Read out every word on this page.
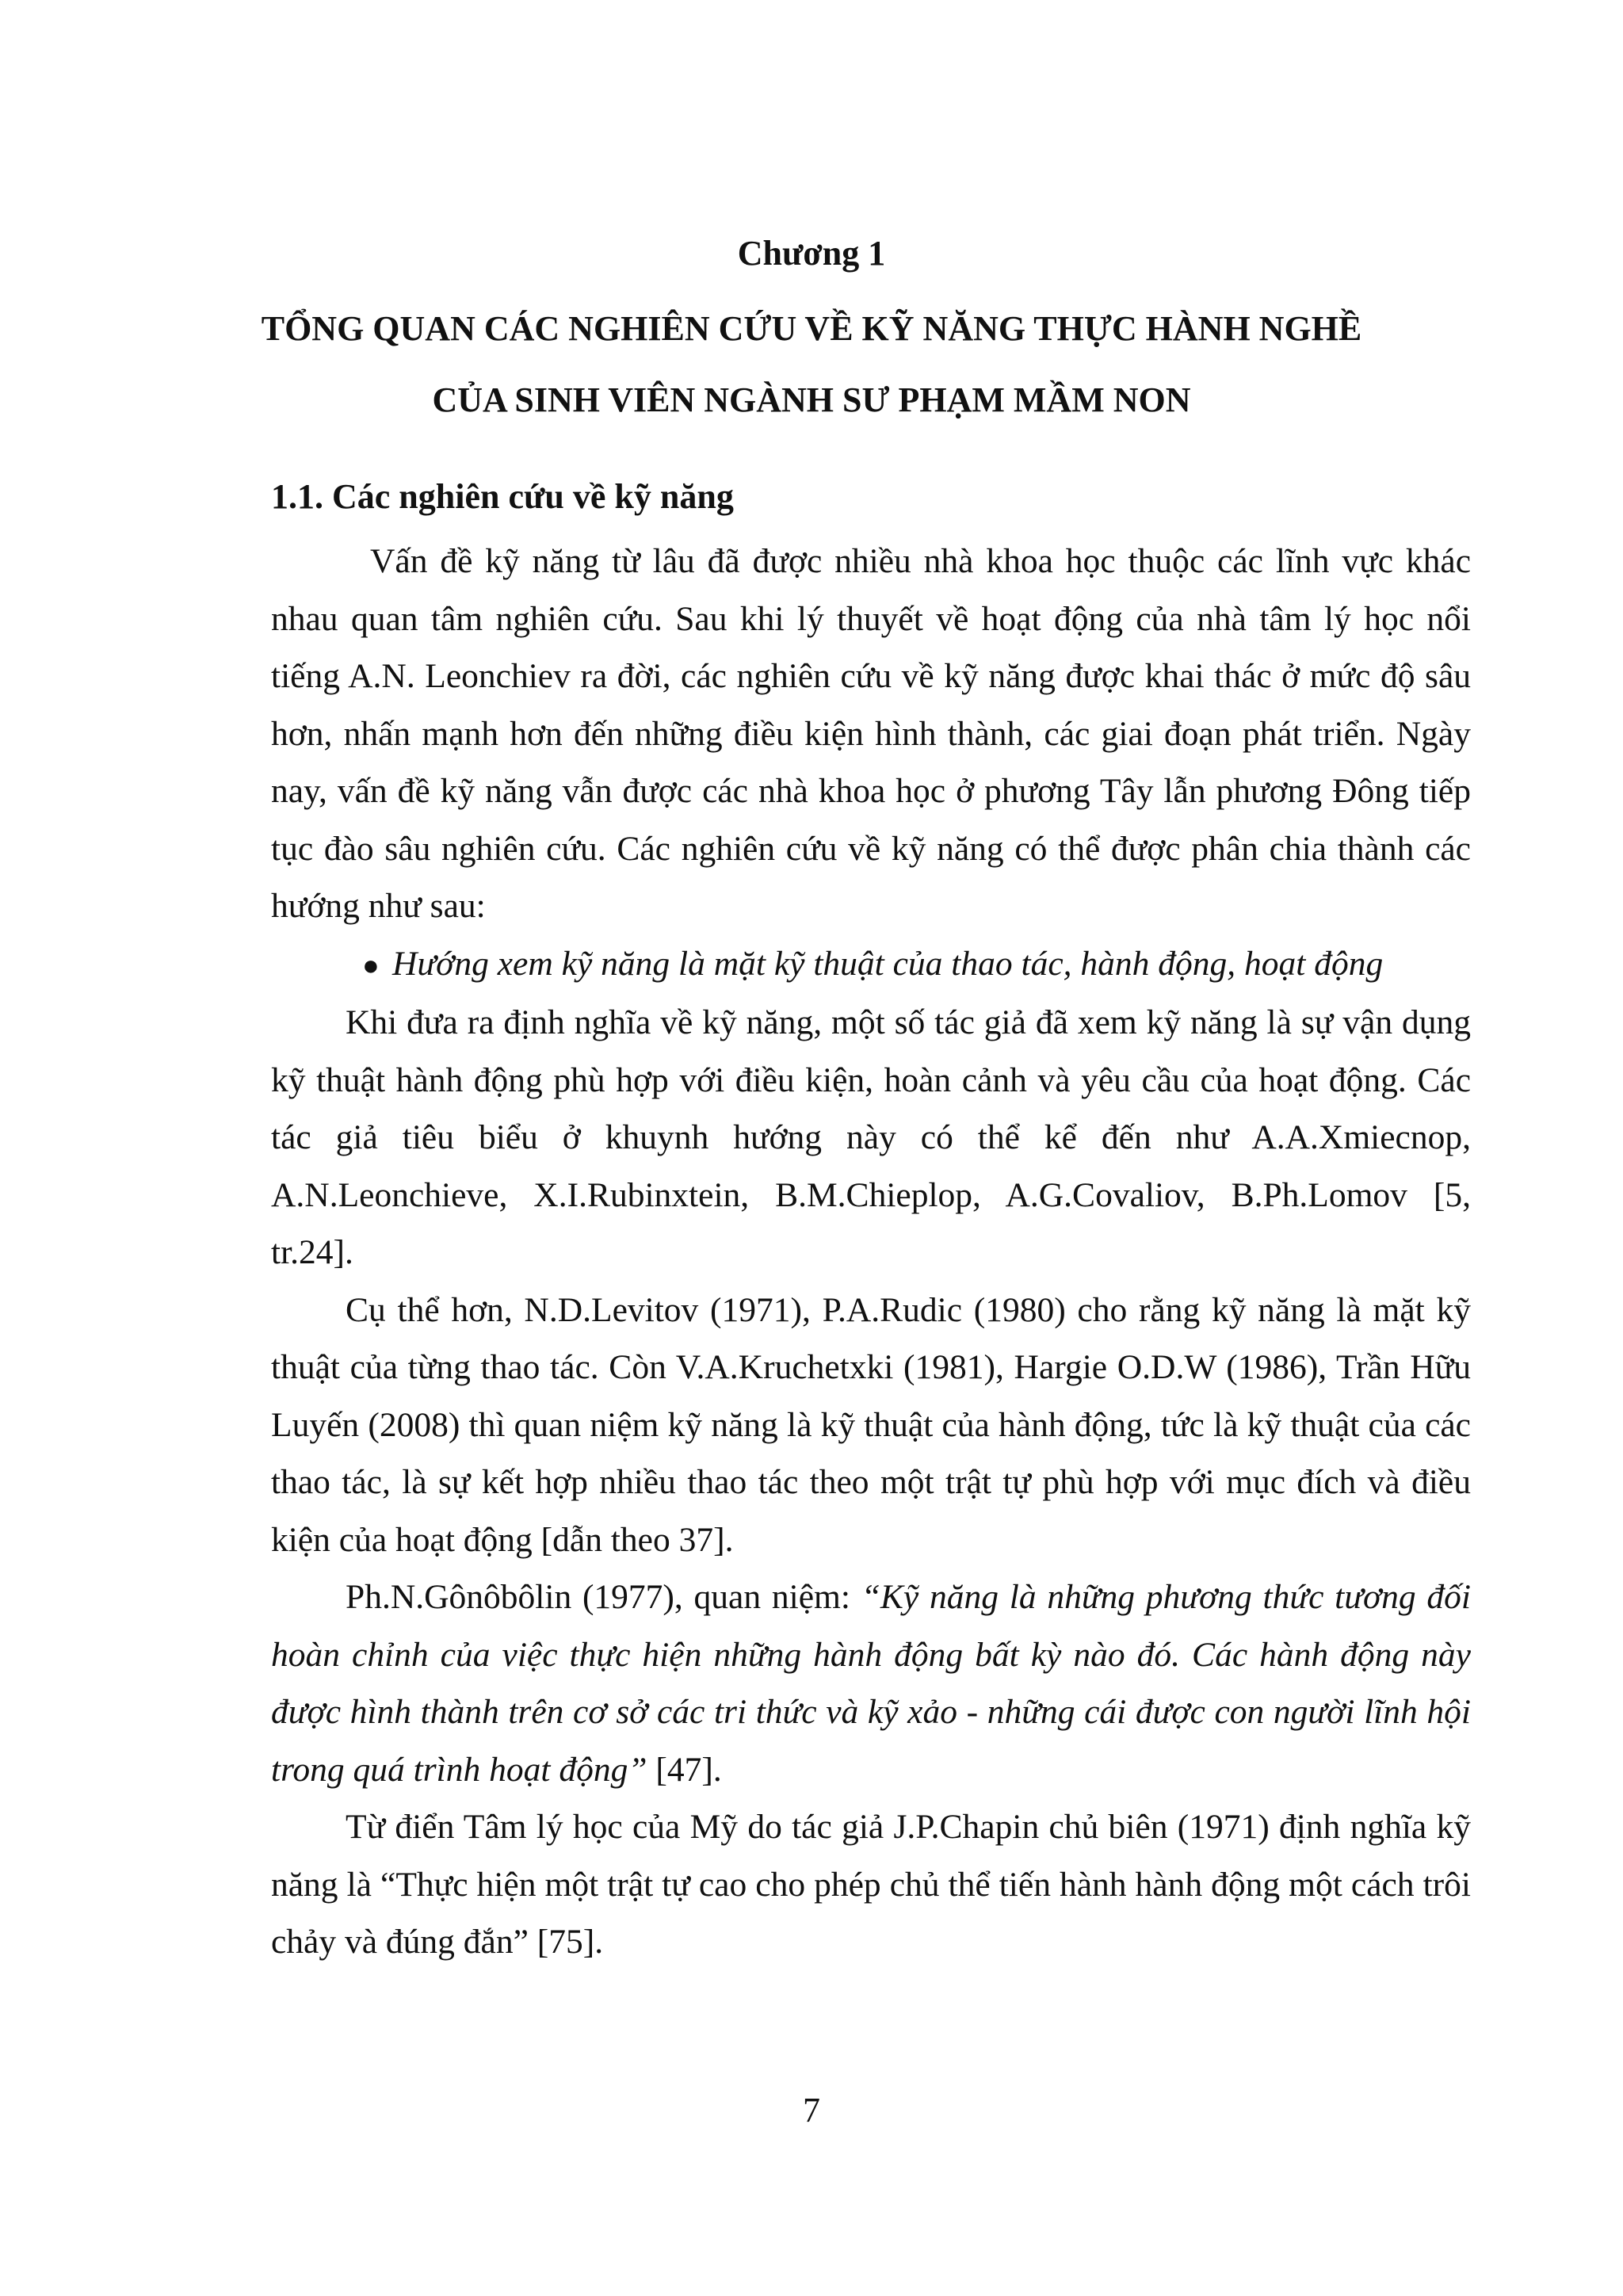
Chương 1
TỔNG QUAN CÁC NGHIÊN CỨU VỀ KỸ NĂNG THỰC HÀNH NGHỀ
CỦA SINH VIÊN NGÀNH SƯ PHẠM MẦM NON
1.1. Các nghiên cứu về kỹ năng

Vấn đề kỹ năng từ lâu đã được nhiều nhà khoa học thuộc các lĩnh vực khác nhau quan tâm nghiên cứu. Sau khi lý thuyết về hoạt động của nhà tâm lý học nổi tiếng A.N. Leonchiev ra đời, các nghiên cứu về kỹ năng được khai thác ở mức độ sâu hơn, nhấn mạnh hơn đến những điều kiện hình thành, các giai đoạn phát triển. Ngày nay, vấn đề kỹ năng vẫn được các nhà khoa học ở phương Tây lẫn phương Đông tiếp tục đào sâu nghiên cứu. Các nghiên cứu về kỹ năng có thể được phân chia thành các hướng như sau:

● Hướng xem kỹ năng là mặt kỹ thuật của thao tác, hành động, hoạt động

Khi đưa ra định nghĩa về kỹ năng, một số tác giả đã xem kỹ năng là sự vận dụng kỹ thuật hành động phù hợp với điều kiện, hoàn cảnh và yêu cầu của hoạt động. Các tác giả tiêu biểu ở khuynh hướng này có thể kể đến như A.A.Xmiecnop, A.N.Leonchieve, X.I.Rubinxtein, B.M.Chieplop, A.G.Covaliov, B.Ph.Lomov [5, tr.24].

Cụ thể hơn, N.D.Levitov (1971), P.A.Rudic (1980) cho rằng kỹ năng là mặt kỹ thuật của từng thao tác. Còn V.A.Kruchetxki (1981), Hargie O.D.W (1986), Trần Hữu Luyến (2008) thì quan niệm kỹ năng là kỹ thuật của hành động, tức là kỹ thuật của các thao tác, là sự kết hợp nhiều thao tác theo một trật tự phù hợp với mục đích và điều kiện của hoạt động [dẫn theo 37].

Ph.N.Gônôbôlin (1977), quan niệm: “Kỹ năng là những phương thức tương đối hoàn chỉnh của việc thực hiện những hành động bất kỳ nào đó. Các hành động này được hình thành trên cơ sở các tri thức và kỹ xảo - những cái được con người lĩnh hội trong quá trình hoạt động” [47].

Từ điển Tâm lý học của Mỹ do tác giả J.P.Chapin chủ biên (1971) định nghĩa kỹ năng là “Thực hiện một trật tự cao cho phép chủ thể tiến hành hành động một cách trôi chảy và đúng đắn” [75].

7
